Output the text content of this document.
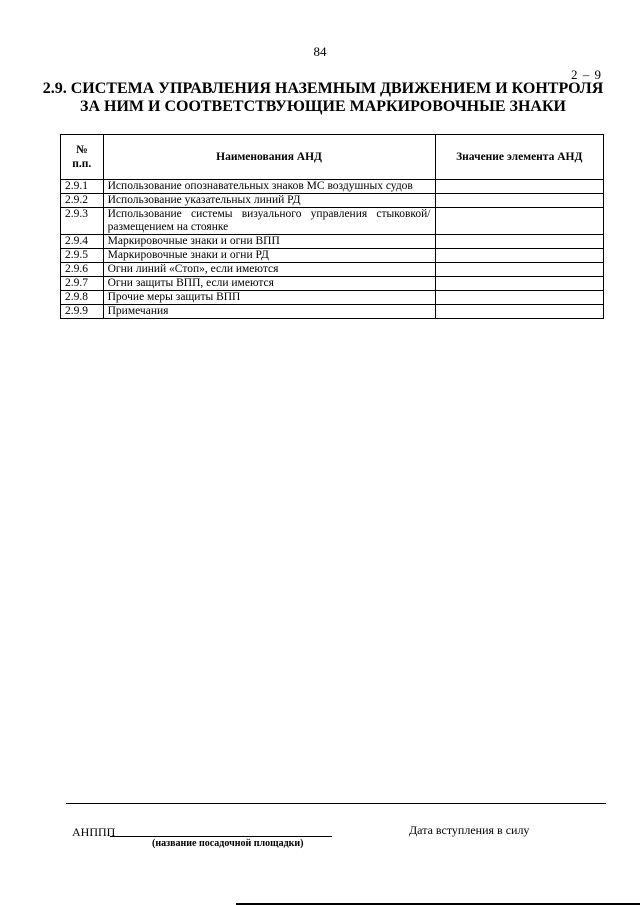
84
2 – 9
2.9. СИСТЕМА УПРАВЛЕНИЯ НАЗЕМНЫМ ДВИЖЕНИЕМ И КОНТРОЛЯ
ЗА НИМ И СООТВЕТСТВУЮЩИЕ МАРКИРОВОЧНЫЕ ЗНАКИ
№
п.п.	Наименования АНД	Значение элемента АНД
2.9.1	Использование опознавательных знаков МС воздушных судов	
2.9.2	Использование указательных линий РД	
2.9.3	Использование системы визуального управления стыковкой/размещением на стоянке	
2.9.4	Маркировочные знаки и огни ВПП	
2.9.5	Маркировочные знаки и огни РД	
2.9.6	Огни линий «Стоп», если имеются	
2.9.7	Огни защиты ВПП, если имеются	
2.9.8	Прочие меры защиты ВПП	
2.9.9	Примечания	
АНППП
(название посадочной площадки)
Дата вступления в силу
